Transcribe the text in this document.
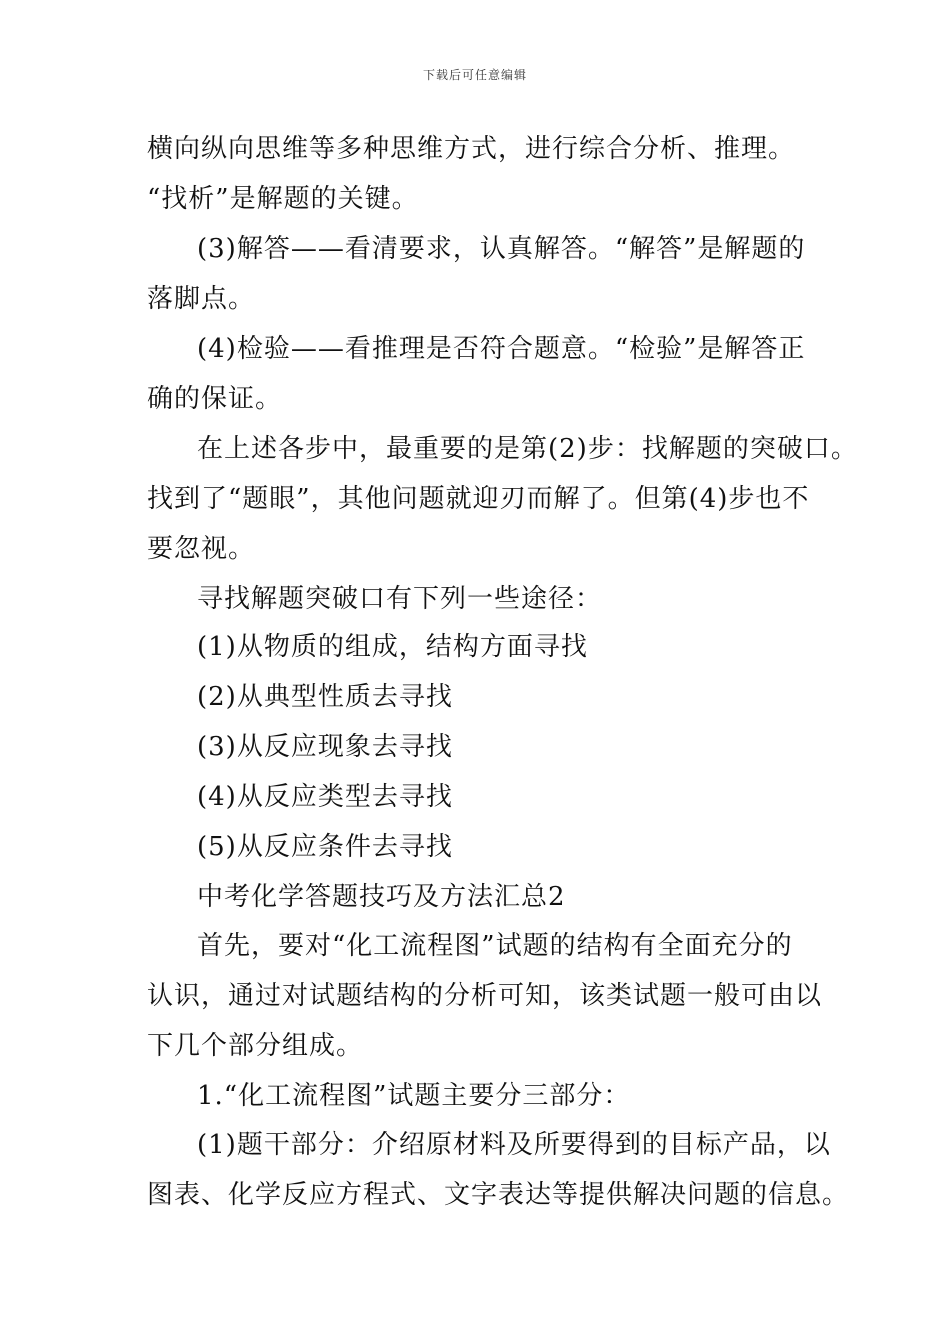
下载后可任意编辑
横向纵向思维等多种思维方式，进行综合分析、推理。
“找析”是解题的关键。
(3)解答——看清要求，认真解答。“解答”是解题的
落脚点。
(4)检验——看推理是否符合题意。“检验”是解答正
确的保证。
在上述各步中，最重要的是第(2)步：找解题的突破口。
找到了“题眼”，其他问题就迎刃而解了。但第(4)步也不
要忽视。
寻找解题突破口有下列一些途径：
(1)从物质的组成，结构方面寻找
(2)从典型性质去寻找
(3)从反应现象去寻找
(4)从反应类型去寻找
(5)从反应条件去寻找
中考化学答题技巧及方法汇总2
首先，要对“化工流程图”试题的结构有全面充分的
认识，通过对试题结构的分析可知，该类试题一般可由以
下几个部分组成。
1.“化工流程图”试题主要分三部分：
(1)题干部分：介绍原材料及所要得到的目标产品，以
图表、化学反应方程式、文字表达等提供解决问题的信息。
